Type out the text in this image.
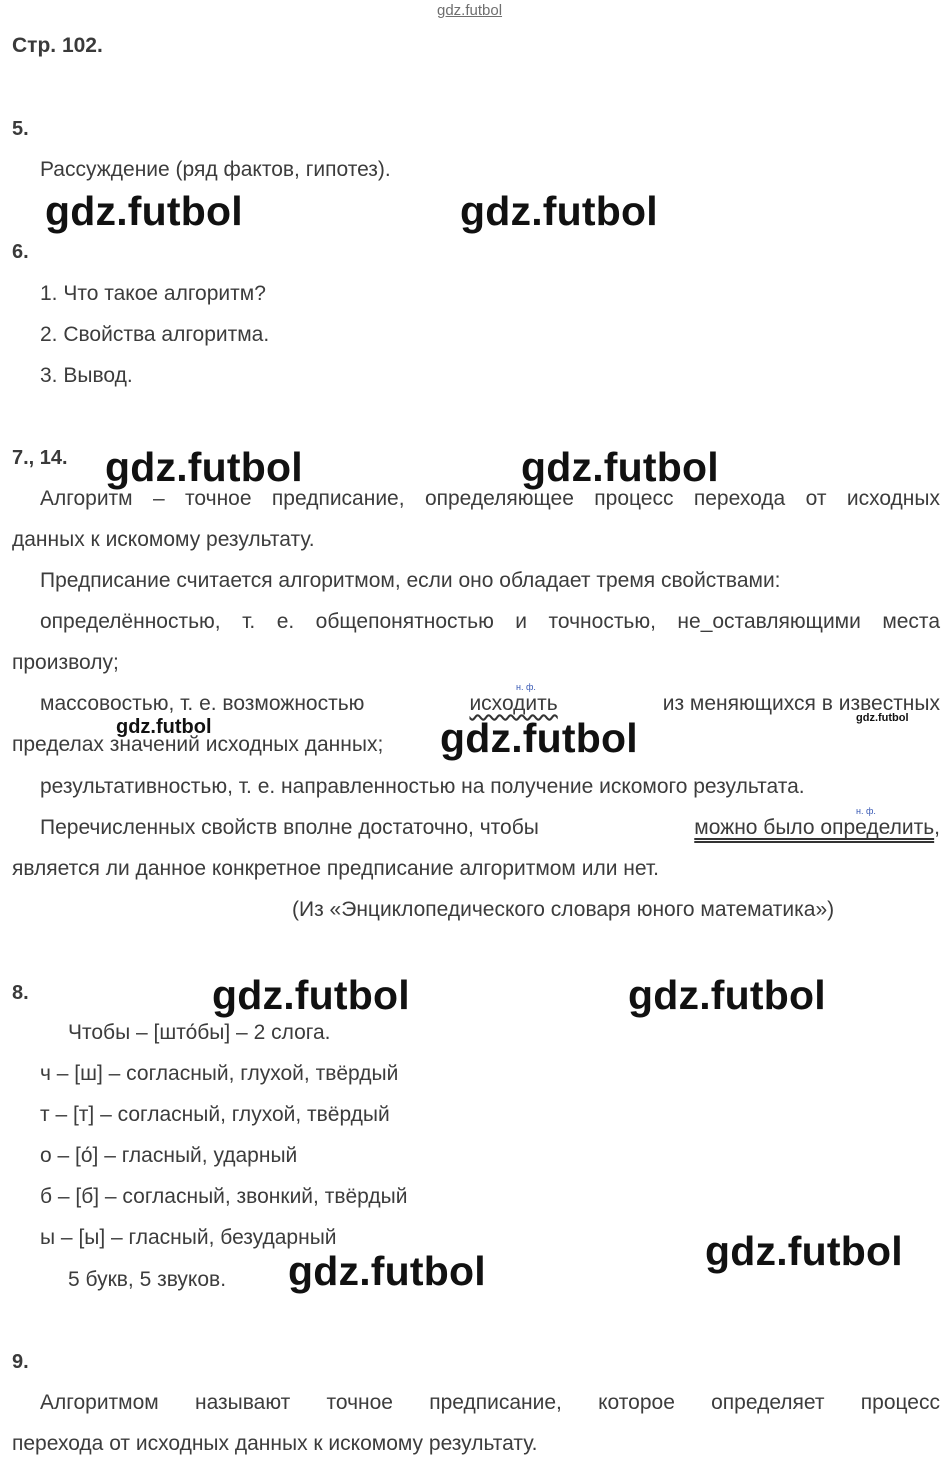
gdz.futbol
Стр. 102.
5.
Рассуждение (ряд фактов, гипотез).
gdz.futbol	gdz.futbol
6.
1. Что такое алгоритм?
2. Свойства алгоритма.
3. Вывод.
7., 14. gdz.futbol	gdz.futbol
Алгоритм – точное предписание, определяющее процесс перехода от исходных
данных к искомому результату.
Предписание считается алгоритмом, если оно обладает тремя свойствами:
определённостью, т. е. общепонятностью и точностью, не_оставляющими места
произволу;
н. ф.
массовостью, т. е. возможностью	исходить	из меняющихся в известных
gdz.futbol
gdz.futbol
пределах значений исходных данных; gdz.futbol
результативностью, т. е. направленностью на получение искомого результата.
н. ф.
Перечисленных свойств вполне достаточно, чтобы	можно было определить ,
является ли данное конкретное предписание алгоритмом или нет.
(Из «Энциклопедического словаря юного математика»)
8.	gdz.futbol	gdz.futbol
Чтобы – [што́бы] – 2 слога.
ч – [ш] – согласный, глухой, твёрдый
т – [т] – согласный, глухой, твёрдый
о – [о́] – гласный, ударный
б – [б] – согласный, звонкий, твёрдый
ы – [ы] – гласный, безударный	gdz.futbol
5 букв, 5 звуков. gdz.futbol
9.
Алгоритмом называют точное предписание, которое определяет процесс
перехода от исходных данных к искомому результату.
